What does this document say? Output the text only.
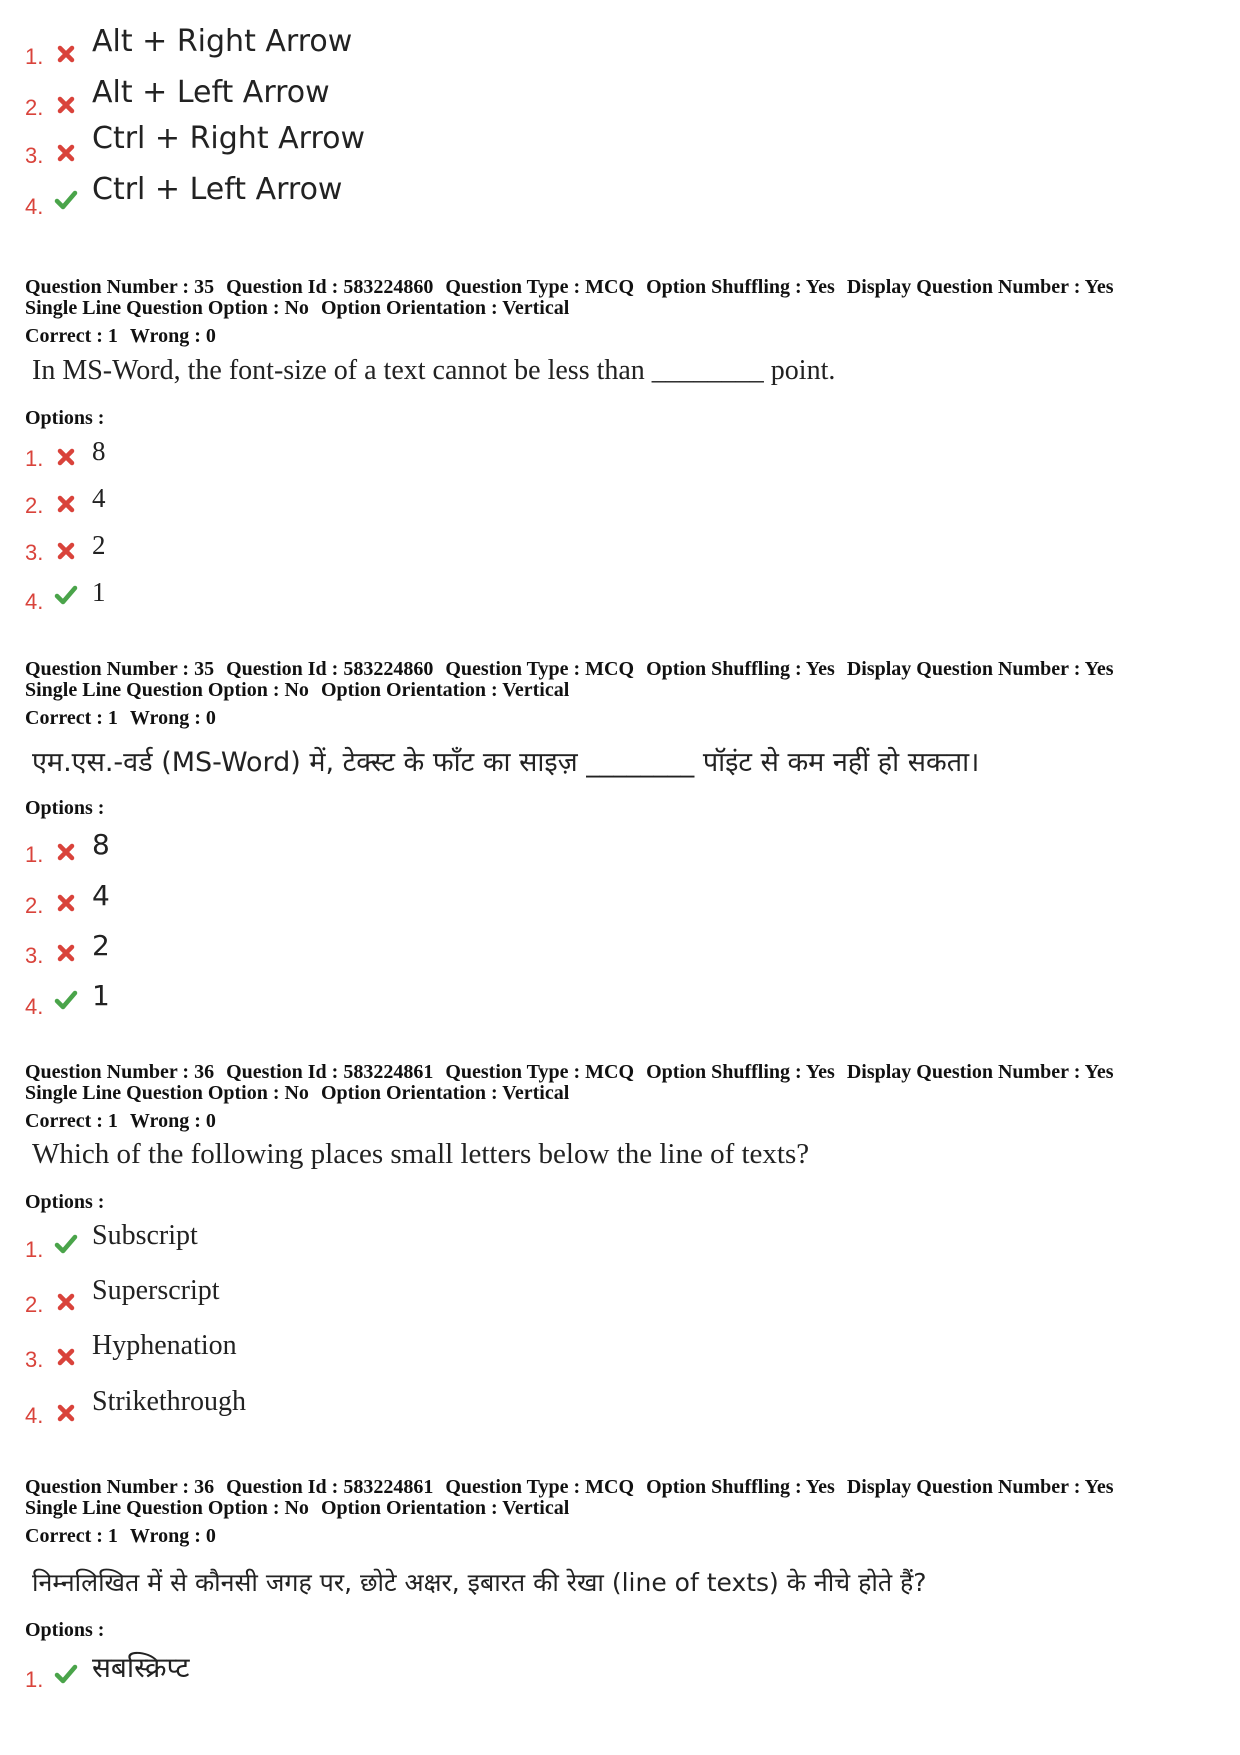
1. Alt + Right Arrow
2. Alt + Left Arrow
3. Ctrl + Right Arrow
4. Ctrl + Left Arrow
Question Number : 35 Question Id : 583224860 Question Type : MCQ Option Shuffling : Yes Display Question Number : Yes
Single Line Question Option : No Option Orientation : Vertical
Correct : 1 Wrong : 0
In MS-Word, the font-size of a text cannot be less than ________ point.
Options :
1. 8
2. 4
3. 2
4. 1
Question Number : 35 Question Id : 583224860 Question Type : MCQ Option Shuffling : Yes Display Question Number : Yes
Single Line Question Option : No Option Orientation : Vertical
Correct : 1 Wrong : 0
एम.एस.-वर्ड (MS-Word) में, टेक्स्ट के फॉंट का साइज़ ________ पॉइंट से कम नहीं हो सकता।
Options :
1. 8
2. 4
3. 2
4. 1
Question Number : 36 Question Id : 583224861 Question Type : MCQ Option Shuffling : Yes Display Question Number : Yes
Single Line Question Option : No Option Orientation : Vertical
Correct : 1 Wrong : 0
Which of the following places small letters below the line of texts?
Options :
1. Subscript
2. Superscript
3. Hyphenation
4. Strikethrough
Question Number : 36 Question Id : 583224861 Question Type : MCQ Option Shuffling : Yes Display Question Number : Yes
Single Line Question Option : No Option Orientation : Vertical
Correct : 1 Wrong : 0
निम्नलिखित में से कौनसी जगह पर, छोटे अक्षर, इबारत की रेखा (line of texts) के नीचे होते हैं?
Options :
1. सबस्क्रिप्ट
